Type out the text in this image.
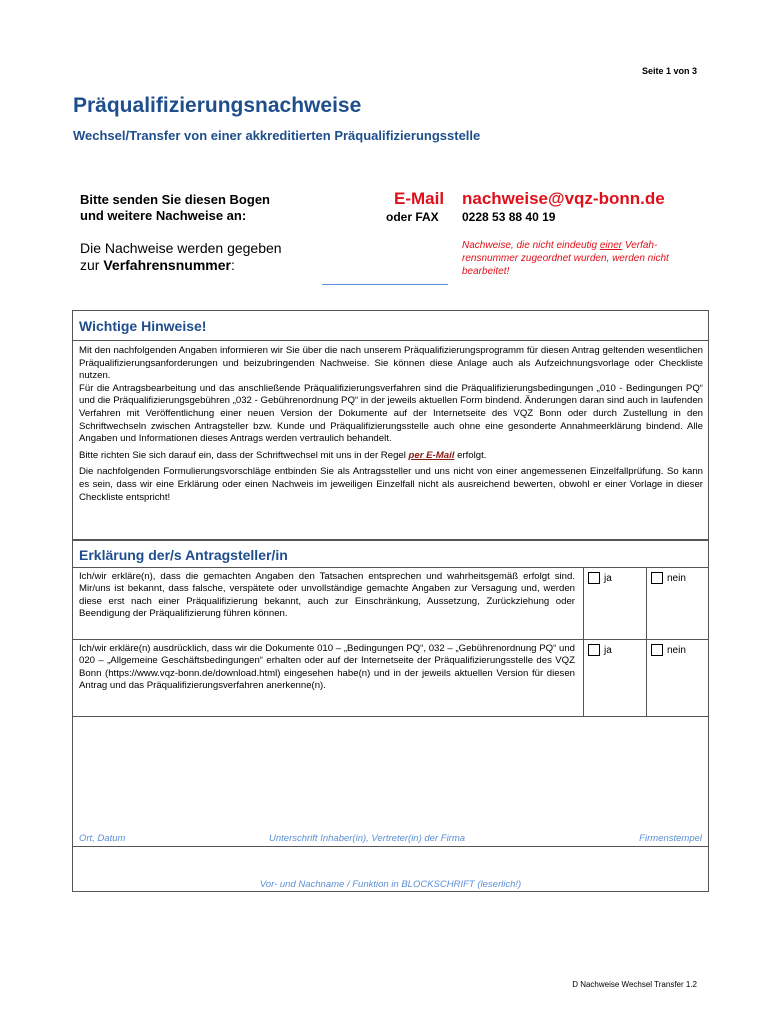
Seite 1 von 3
Präqualifizierungsnachweise
Wechsel/Transfer von einer akkreditierten Präqualifizierungsstelle
Bitte senden Sie diesen Bogen
und weitere Nachweise an:
E-Mail nachweise@vqz-bonn.de
oder FAX 0228 53 88 40 19
Die Nachweise werden gegeben
zur Verfahrensnummer:
Nachweise, die nicht eindeutig einer Verfah-rensnummer zugeordnet wurden, werden nicht bearbeitet!
Wichtige Hinweise!

Mit den nachfolgenden Angaben informieren wir Sie über die nach unserem Präqualifizierungsprogramm für diesen Antrag geltenden wesentlichen Präqualifizierungsanforderungen und beizubringenden Nachweise. Sie können diese Anlage auch als Aufzeichnungsvorlage oder Checkliste nutzen.

Für die Antragsbearbeitung und das anschließende Präqualifizierungsverfahren sind die Präqualifizierungsbedingungen „010 - Bedingungen PQ“ und die Präqualifizierungsgebühren „032 - Gebührenordnung PQ“ in der jeweils aktuellen Form bindend. Änderungen daran sind auch in laufenden Verfahren mit Veröffentlichung einer neuen Version der Dokumente auf der Internetseite des VQZ Bonn oder durch Zustellung in den Schriftwechseln zwischen Antragsteller bzw. Kunde und Präqualifizierungsstelle auch ohne eine gesonderte Annahmeerklärung bindend. Alle Angaben und Informationen dieses Antrags werden vertraulich behandelt.

Bitte richten Sie sich darauf ein, dass der Schriftwechsel mit uns in der Regel per E-Mail erfolgt.

Die nachfolgenden Formulierungsvorschläge entbinden Sie als Antragssteller und uns nicht von einer angemessenen Einzelfallprüfung. So kann es sein, dass wir eine Erklärung oder einen Nachweis im jeweiligen Einzelfall nicht als ausreichend bewerten, obwohl er einer Vorlage in dieser Checkliste entspricht!

Erklärung der/s Antragsteller/in
Ich/wir erkläre(n), dass die gemachten Angaben den Tatsachen entsprechen und wahrheitsgemäß erfolgt sind. Mir/uns ist bekannt, dass falsche, verspätete oder unvollständige gemachte Angaben zur Versagung und, werden diese erst nach einer Präqualifizierung bekannt, auch zur Einschränkung, Aussetzung, Zurückziehung oder Beendigung der Präqualifizierung führen können.
ja	nein
Ich/wir erkläre(n) ausdrücklich, dass wir die Dokumente 010 – „Bedingungen PQ“, 032 – „Gebührenordnung PQ“ und 020 – „Allgemeine Geschäftsbedingungen“ erhalten oder auf der Internetseite der Präqualifizierungsstelle des VQZ Bonn (https://www.vqz-bonn.de/download.html) eingesehen habe(n) und in der jeweils aktuellen Version für diesen Antrag und das Präqualifizierungsverfahren anerkenne(n).
ja	nein
Ort, Datum	Unterschrift Inhaber(in), Vertreter(in) der Firma	Firmenstempel
Vor- und Nachname / Funktion in BLOCKSCHRIFT (leserlich!)
D Nachweise Wechsel Transfer 1.2
